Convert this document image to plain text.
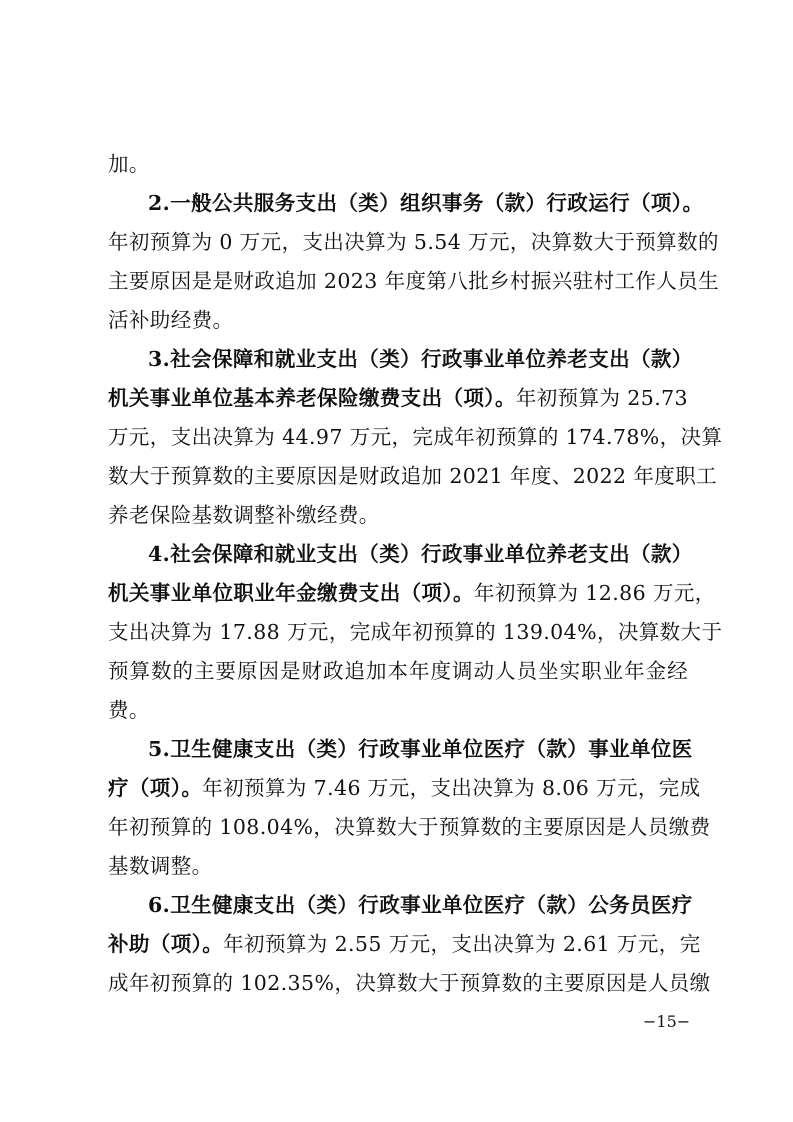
加。
2.一般公共服务支出（类）组织事务（款）行政运行（项）。
年初预算为 0 万元，支出决算为 5.54 万元，决算数大于预算数的
主要原因是是财政追加 2023 年度第八批乡村振兴驻村工作人员生
活补助经费。
3.社会保障和就业支出（类）行政事业单位养老支出（款）
机关事业单位基本养老保险缴费支出（项）。年初预算为 25.73
万元，支出决算为 44.97 万元，完成年初预算的 174.78%，决算
数大于预算数的主要原因是财政追加 2021 年度、2022 年度职工
养老保险基数调整补缴经费。
4.社会保障和就业支出（类）行政事业单位养老支出（款）
机关事业单位职业年金缴费支出（项）。年初预算为 12.86 万元，
支出决算为 17.88 万元，完成年初预算的 139.04%，决算数大于
预算数的主要原因是财政追加本年度调动人员坐实职业年金经
费。
5.卫生健康支出（类）行政事业单位医疗（款）事业单位医
疗（项）。年初预算为 7.46 万元，支出决算为 8.06 万元，完成
年初预算的 108.04%，决算数大于预算数的主要原因是人员缴费
基数调整。
6.卫生健康支出（类）行政事业单位医疗（款）公务员医疗
补助（项）。年初预算为 2.55 万元，支出决算为 2.61 万元，完
成年初预算的 102.35%，决算数大于预算数的主要原因是人员缴
−15−
